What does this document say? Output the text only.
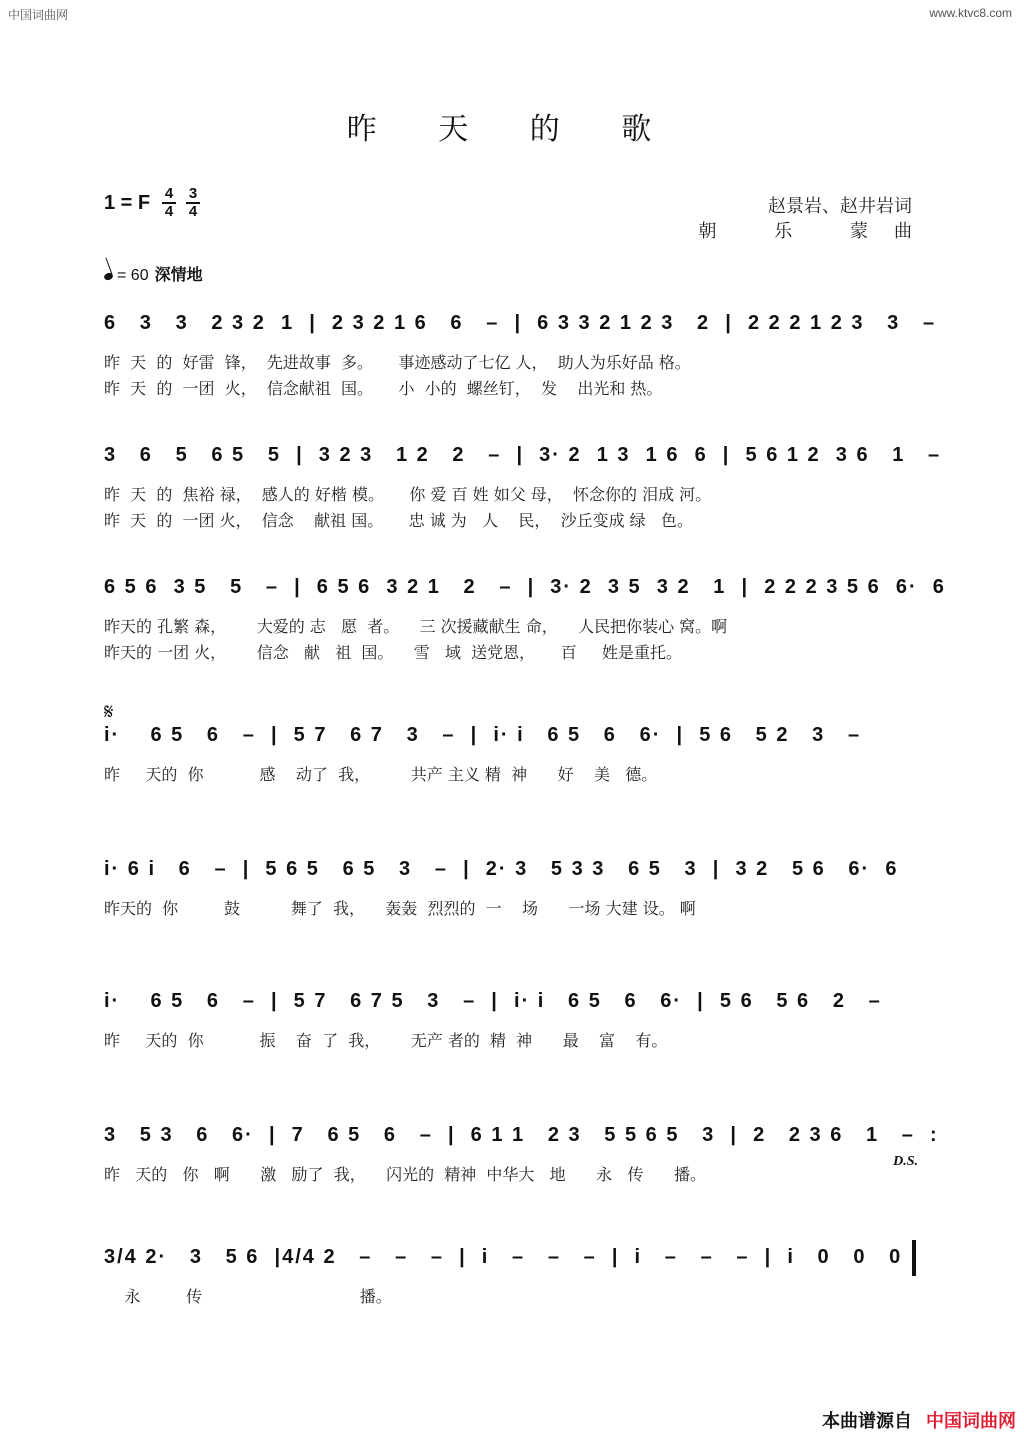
中国词曲网	www.ktvc8.com
昨 天 的 歌
1 = F $\frac{4}{4} \frac{3}{4}$	赵景岩、赵井岩词
朝 乐 蒙曲
= 60 深情地
𝄋
D.S.
6   3   3   2 3 2  1  |  2 3 2 1 6   6   –  |  6 3 3 2 1 2 3   2  |  2 2 2 1 2 3   3   –
昨  天  的  好雷  锋，  先进故事  多。     事迹感动了七亿 人，  助人为乐好品 格。
昨  天  的  一团  火，  信念献祖  国。     小  小的  螺丝钉，  发    出光和 热。
3   6   5   6 5   5  |  3 2 3   1 2   2   –  |  3· 2  1 3  1 6  6  |  5 6 1 2  3 6   1   –
昨  天  的  焦裕 禄，  感人的 好楷 模。     你 爱 百 姓 如父 母，  怀念你的 泪成 河。
昨  天  的  一团 火，  信念    献祖 国。     忠 诚 为   人    民，  沙丘变成 绿   色。
6 5 6  3 5   5   –  |  6 5 6  3 2 1   2   –  |  3· 2  3 5  3 2   1  |  2 2 2 3 5 6  6·  6
昨天的 孔繁 森，      大爱的 志   愿  者。    三 次援藏献生 命，    人民把你装心 窝。啊
昨天的 一团 火，      信念   献   祖  国。    雪   域  送党恩，     百     姓是重托。
i·    6 5   6   –  |  5 7   6 7   3   –  |  i· i   6 5   6   6·  |  5 6   5 2   3   –
昨     天的  你           感    动了  我，        共产 主义 精  神      好    美   德。
i· 6 i   6   –  |  5 6 5   6 5   3   –  |  2· 3   5 3 3   6 5   3  |  3 2   5 6   6·  6
昨天的  你         鼓          舞了  我，    轰轰  烈烈的  一    场      一场 大建 设。 啊
i·    6 5   6   –  |  5 7   6 7 5   3   –  |  i· i   6 5   6   6·  |  5 6   5 6   2   –
昨     天的  你           振    奋  了  我，      无产 者的  精  神      最    富    有。
3   5 3   6   6·  |  7   6 5   6   –  |  6 1 1   2 3   5 5 6 5   3  |  2   2 3 6   1   –  :
昨   天的   你   啊      激   励了  我，    闪光的  精神  中华大   地      永   传      播。
3/4 2·   3   5 6  |4/4 2   –   –   –  |  i   –   –   –  |  i   –   –   –  |  i   0   0   0
永         传                               播。
本曲谱源自 中国词曲网
